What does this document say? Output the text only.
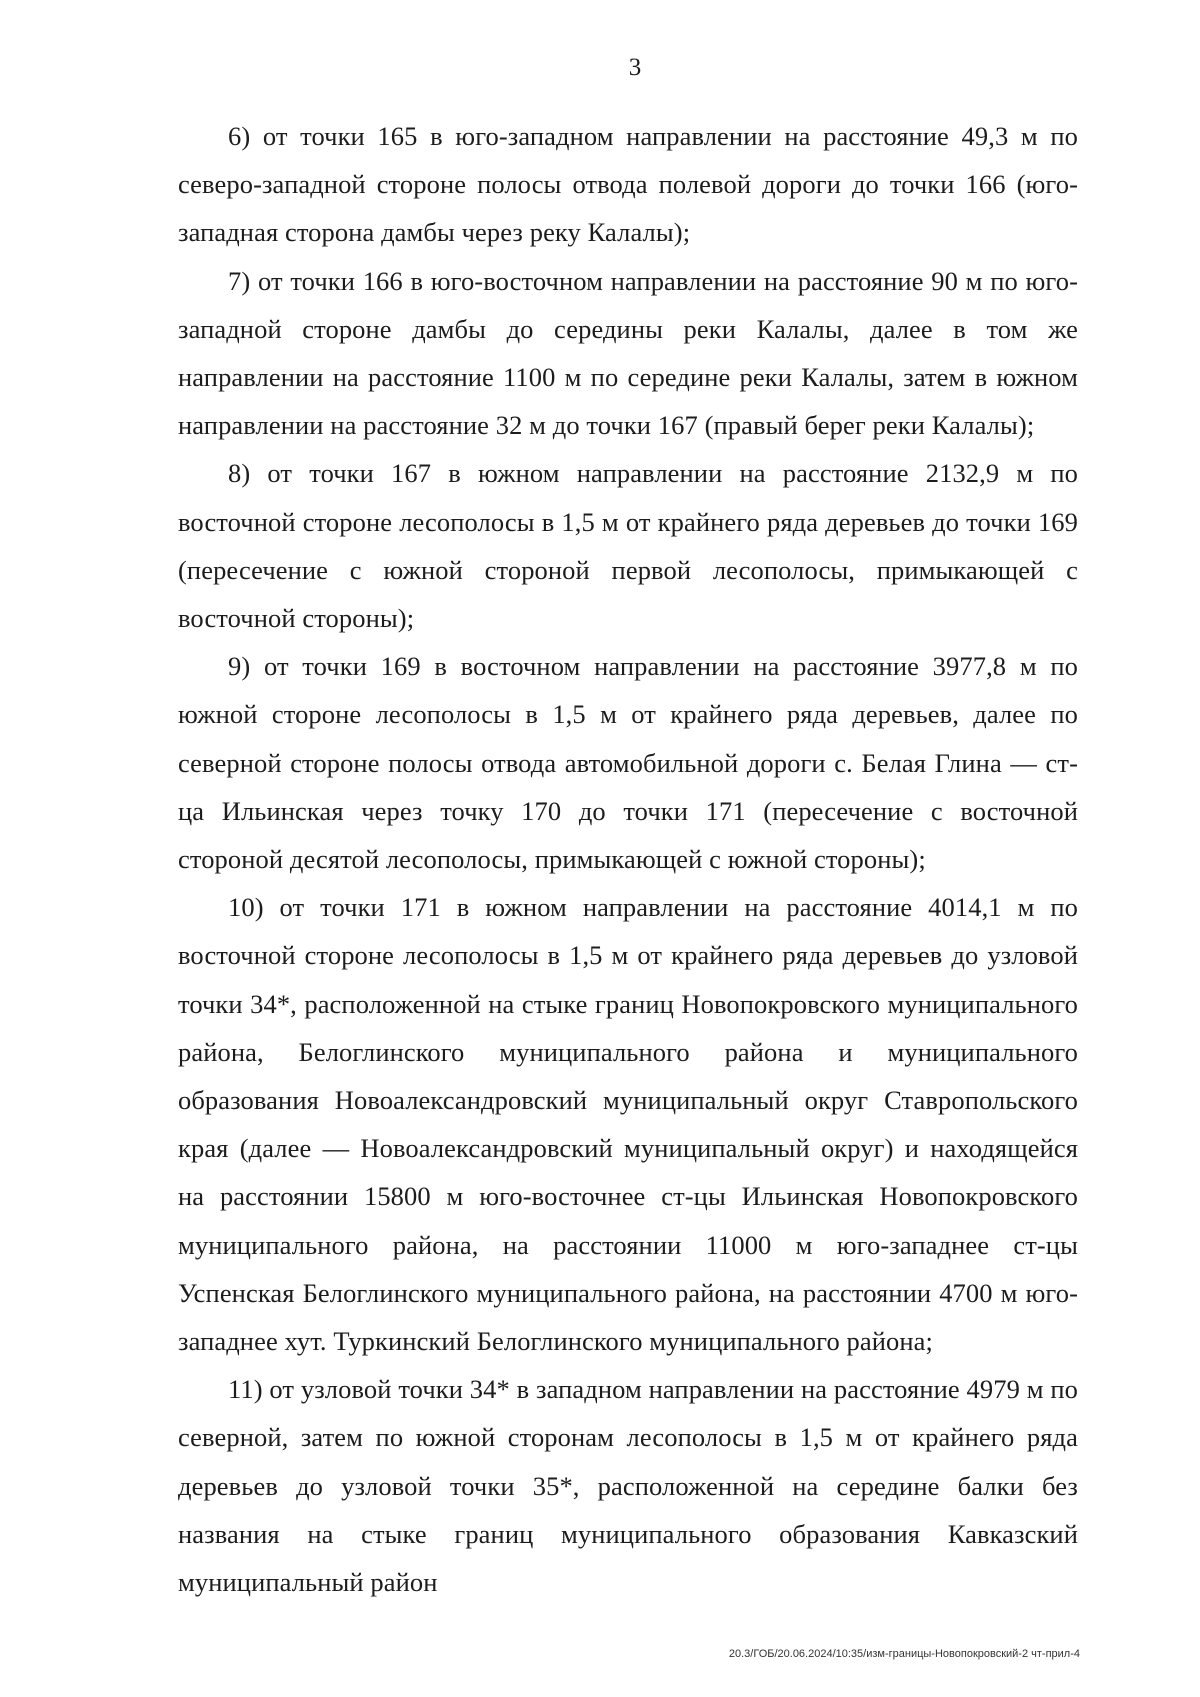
3

6) от точки 165 в юго-западном направлении на расстояние 49,3 м по северо-западной стороне полосы отвода полевой дороги до точки 166 (юго-западная сторона дамбы через реку Калалы);

7) от точки 166 в юго-восточном направлении на расстояние 90 м по юго-западной стороне дамбы до середины реки Калалы, далее в том же направлении на расстояние 1100 м по середине реки Калалы, затем в южном направлении на расстояние 32 м до точки 167 (правый берег реки Калалы);

8) от точки 167 в южном направлении на расстояние 2132,9 м по восточной стороне лесополосы в 1,5 м от крайнего ряда деревьев до точки 169 (пересечение с южной стороной первой лесополосы, примыкающей с восточной стороны);

9) от точки 169 в восточном направлении на расстояние 3977,8 м по южной стороне лесополосы в 1,5 м от крайнего ряда деревьев, далее по северной стороне полосы отвода автомобильной дороги с. Белая Глина — ст-ца Ильинская через точку 170 до точки 171 (пересечение с восточной стороной десятой лесополосы, примыкающей с южной стороны);

10) от точки 171 в южном направлении на расстояние 4014,1 м по восточной стороне лесополосы в 1,5 м от крайнего ряда деревьев до узловой точки 34*, расположенной на стыке границ Новопокровского муниципального района, Белоглинского муниципального района и муниципального образования Новоалександровский муниципальный округ Ставропольского края (далее — Новоалександровский муниципальный округ) и находящейся на расстоянии 15800 м юго-восточнее ст-цы Ильинская Новопокровского муниципального района, на расстоянии 11000 м юго-западнее ст-цы Успенская Белоглинского муниципального района, на расстоянии 4700 м юго-западнее хут. Туркинский Белоглинского муниципального района;

11) от узловой точки 34* в западном направлении на расстояние 4979 м по северной, затем по южной сторонам лесополосы в 1,5 м от крайнего ряда деревьев до узловой точки 35*, расположенной на середине балки без названия на стыке границ муниципального образования Кавказский муниципальный район

20.3/ГОБ/20.06.2024/10:35/изм-границы-Новопокровский-2 чт-прил-4
